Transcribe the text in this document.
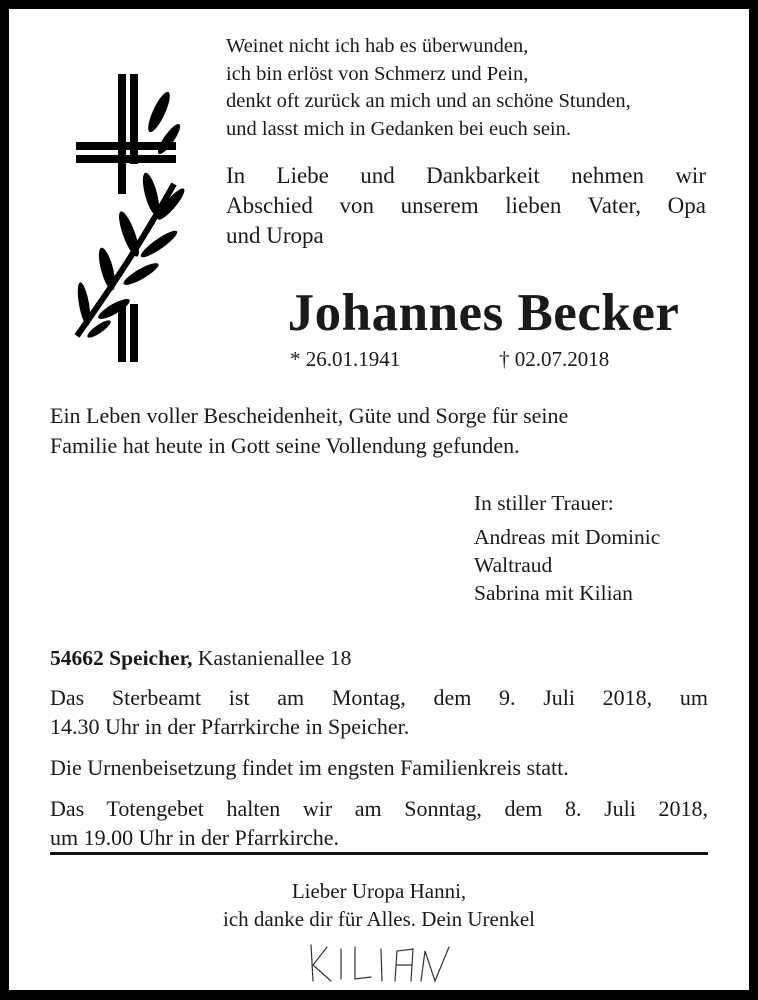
Weinet nicht ich hab es überwunden,
ich bin erlöst von Schmerz und Pein,
denkt oft zurück an mich und an schöne Stunden,
und lasst mich in Gedanken bei euch sein.
In Liebe und Dankbarkeit nehmen wir
Abschied von unserem lieben Vater, Opa
und Uropa
Johannes Becker
* 26.01.1941	† 02.07.2018
Ein Leben voller Bescheidenheit, Güte und Sorge für seine
Familie hat heute in Gott seine Vollendung gefunden.
In stiller Trauer:
Andreas mit Dominic
Waltraud
Sabrina mit Kilian
54662 Speicher, Kastanienallee 18
Das Sterbeamt ist am Montag, dem 9. Juli 2018, um
14.30 Uhr in der Pfarrkirche in Speicher.
Die Urnenbeisetzung findet im engsten Familienkreis statt.
Das Totengebet halten wir am Sonntag, dem 8. Juli 2018,
um 19.00 Uhr in der Pfarrkirche.
Lieber Uropa Hanni,
ich danke dir für Alles. Dein Urenkel
